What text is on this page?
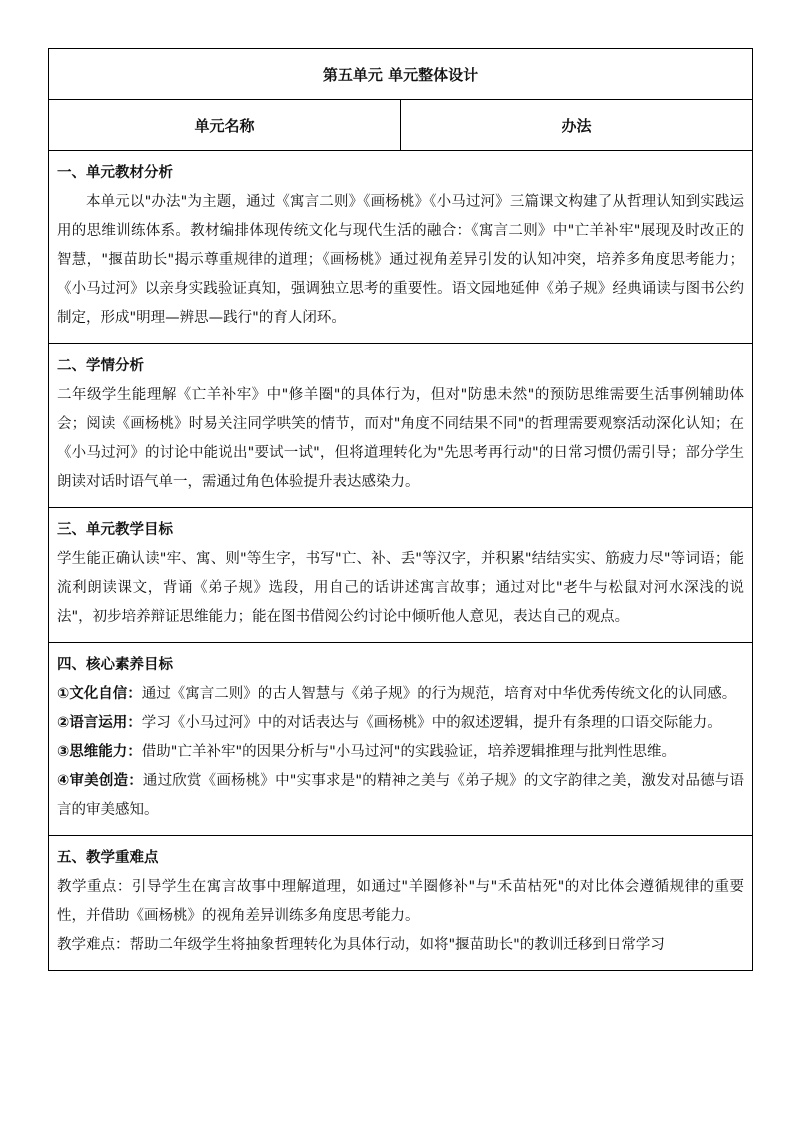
第五单元 单元整体设计
单元名称	办法

一、单元教材分析

本单元以"办法"为主题，通过《寓言二则》《画杨桃》《小马过河》三篇课文构建了从哲理认知到实践运用的思维训练体系。教材编排体现传统文化与现代生活的融合：《寓言二则》中"亡羊补牢"展现及时改正的智慧，"揠苗助长"揭示尊重规律的道理；《画杨桃》通过视角差异引发的认知冲突，培养多角度思考能力；《小马过河》以亲身实践验证真知，强调独立思考的重要性。语文园地延伸《弟子规》经典诵读与图书公约制定，形成"明理—辨思—践行"的育人闭环。

二、学情分析

二年级学生能理解《亡羊补牢》中"修羊圈"的具体行为，但对"防患未然"的预防思维需要生活事例辅助体会；阅读《画杨桃》时易关注同学哄笑的情节，而对"角度不同结果不同"的哲理需要观察活动深化认知；在《小马过河》的讨论中能说出"要试一试"，但将道理转化为"先思考再行动"的日常习惯仍需引导；部分学生朗读对话时语气单一，需通过角色体验提升表达感染力。

三、单元教学目标

学生能正确认读"牢、寓、则"等生字，书写"亡、补、丢"等汉字，并积累"结结实实、筋疲力尽"等词语；能流利朗读课文，背诵《弟子规》选段，用自己的话讲述寓言故事；通过对比"老牛与松鼠对河水深浅的说法"，初步培养辩证思维能力；能在图书借阅公约讨论中倾听他人意见，表达自己的观点。

四、核心素养目标

①文化自信：通过《寓言二则》的古人智慧与《弟子规》的行为规范，培育对中华优秀传统文化的认同感。

②语言运用：学习《小马过河》中的对话表达与《画杨桃》中的叙述逻辑，提升有条理的口语交际能力。

③思维能力：借助"亡羊补牢"的因果分析与"小马过河"的实践验证，培养逻辑推理与批判性思维。

④审美创造：通过欣赏《画杨桃》中"实事求是"的精神之美与《弟子规》的文字韵律之美，激发对品德与语言的审美感知。

五、教学重难点

教学重点：引导学生在寓言故事中理解道理，如通过"羊圈修补"与"禾苗枯死"的对比体会遵循规律的重要性，并借助《画杨桃》的视角差异训练多角度思考能力。

教学难点：帮助二年级学生将抽象哲理转化为具体行动，如将"揠苗助长"的教训迁移到日常学习
